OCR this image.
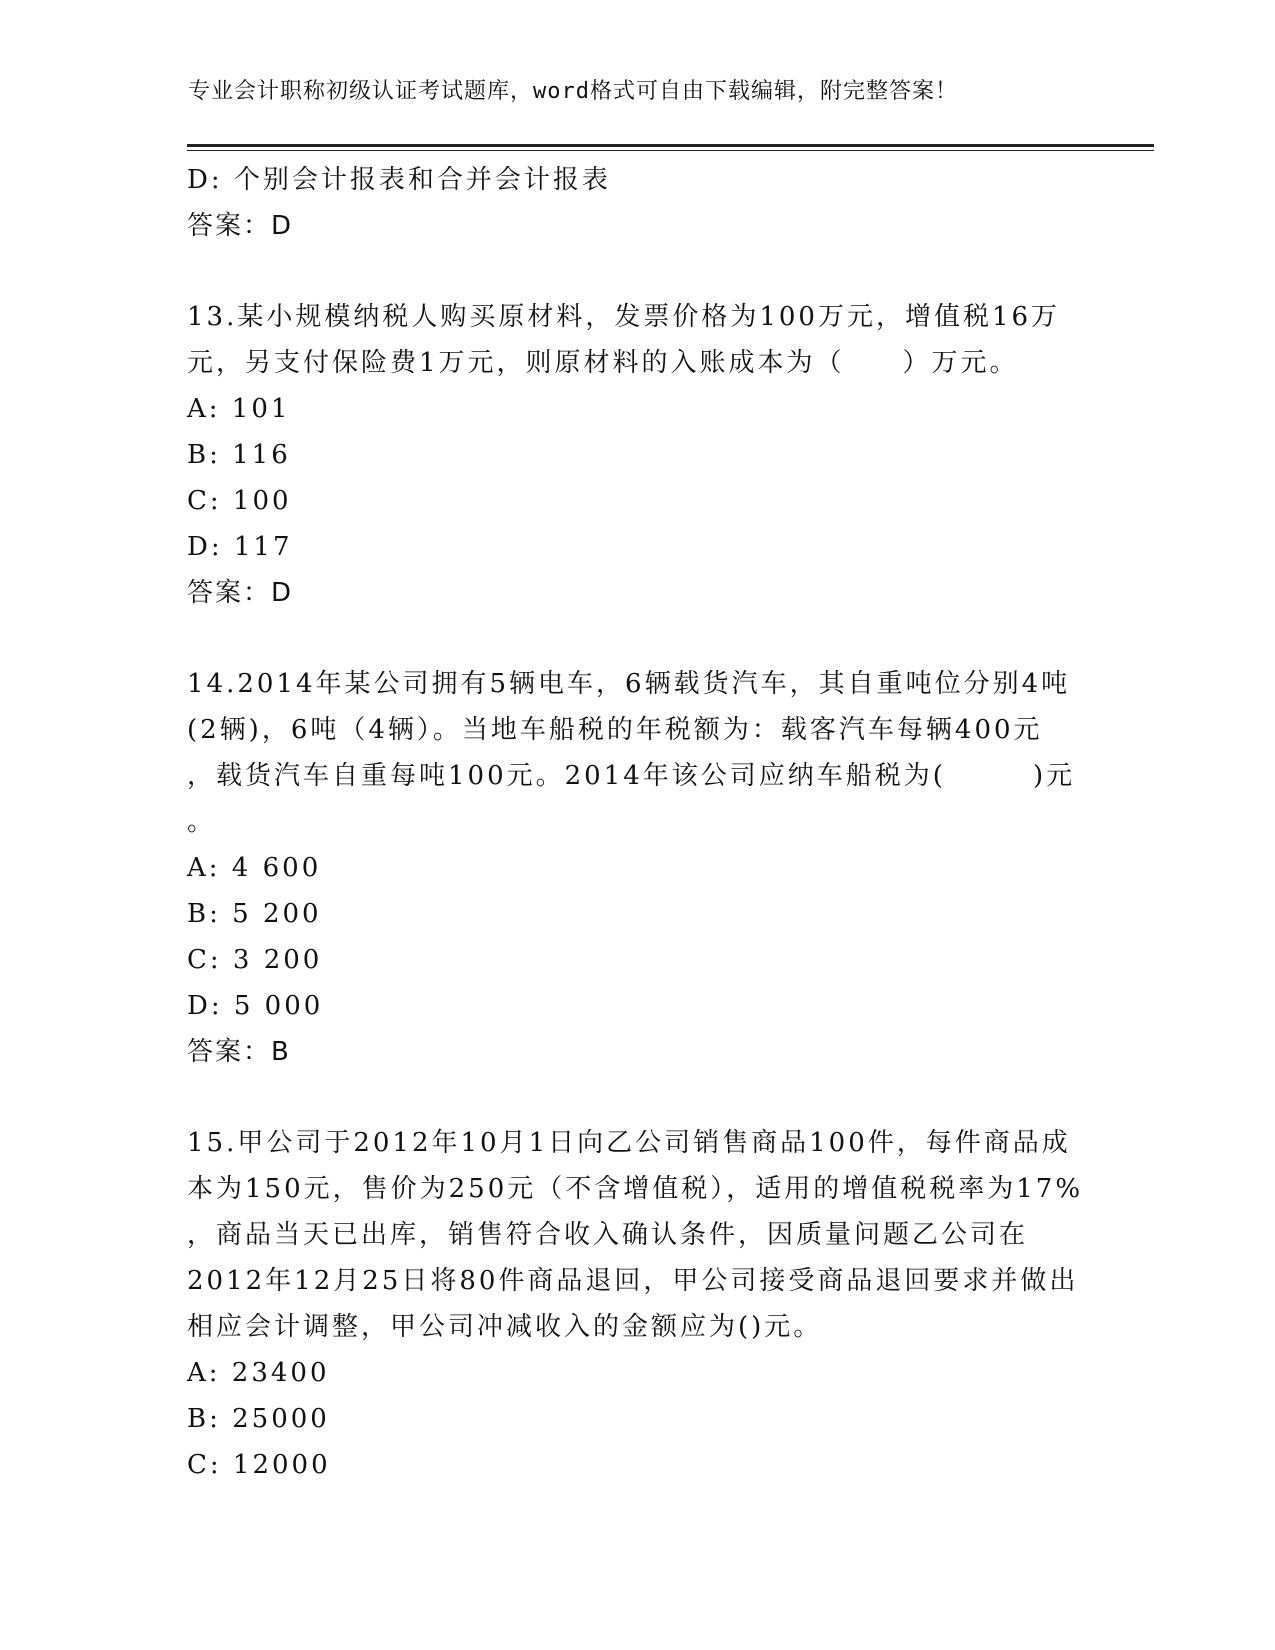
专业会计职称初级认证考试题库，word格式可自由下载编辑，附完整答案！
D: 个别会计报表和合并会计报表
答案：D
13.某小规模纳税人购买原材料，发票价格为100万元，增值税16万
元，另支付保险费1万元，则原材料的入账成本为（　　）万元。
A: 101
B: 116
C: 100
D: 117
答案：D
14.2014年某公司拥有5辆电车，6辆载货汽车，其自重吨位分别4吨
(2辆)，6吨（4辆）。当地车船税的年税额为：载客汽车每辆400元
，载货汽车自重每吨100元。2014年该公司应纳车船税为(　　　)元
。
A: 4 600
B: 5 200
C: 3 200
D: 5 000
答案：B
15.甲公司于2012年10月1日向乙公司销售商品100件，每件商品成
本为150元，售价为250元（不含增值税），适用的增值税税率为17%
，商品当天已出库，销售符合收入确认条件，因质量问题乙公司在
2012年12月25日将80件商品退回，甲公司接受商品退回要求并做出
相应会计调整，甲公司冲减收入的金额应为()元。
A: 23400
B: 25000
C: 12000
